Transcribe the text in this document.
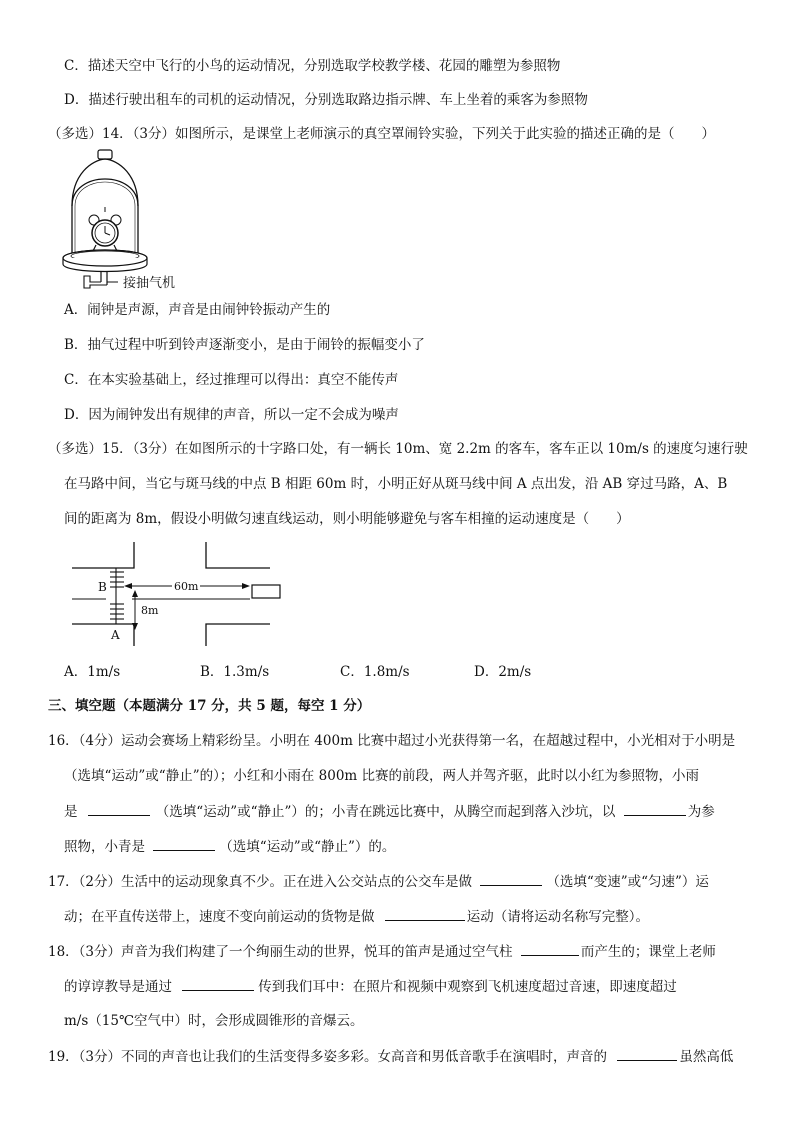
C．描述天空中飞行的小鸟的运动情况，分别选取学校教学楼、花园的雕塑为参照物
D．描述行驶出租车的司机的运动情况，分别选取路边指示牌、车上坐着的乘客为参照物
（多选）14．（3分）如图所示，是课堂上老师演示的真空罩闹铃实验，下列关于此实验的描述正确的是（　　）
接抽气机
A．闹钟是声源，声音是由闹钟铃振动产生的
B．抽气过程中听到铃声逐渐变小，是由于闹铃的振幅变小了
C．在本实验基础上，经过推理可以得出：真空不能传声
D．因为闹钟发出有规律的声音，所以一定不会成为噪声
（多选）15．（3分）在如图所示的十字路口处，有一辆长 10m、宽 2.2m 的客车，客车正以 10m/s 的速度匀速行驶
在马路中间，当它与斑马线的中点 B 相距 60m 时，小明正好从斑马线中间 A 点出发，沿 AB 穿过马路，A、B
间的距离为 8m，假设小明做匀速直线运动，则小明能够避免与客车相撞的运动速度是（　　）
60m
8m
B
A
A．1m/s	B．1.3m/s	C．1.8m/s	D．2m/s
三、填空题（本题满分 17 分，共 5 题，每空 1 分）
16．（4分）运动会赛场上精彩纷呈。小明在 400m 比赛中超过小光获得第一名，在超越过程中，小光相对于小明是
（选填“运动”或“静止”的）；小红和小雨在 800m 比赛的前段，两人并驾齐驱，此时以小红为参照物，小雨
是	（选填“运动”或“静止”）的；小青在跳远比赛中，从腾空而起到落入沙坑，以	为参
照物，小青是	（选填“运动”或“静止”）的。
17．（2分）生活中的运动现象真不少。正在进入公交站点的公交车是做	（选填“变速”或“匀速”）运
动；在平直传送带上，速度不变向前运动的货物是做	运动（请将运动名称写完整）。
18．（3分）声音为我们构建了一个绚丽生动的世界，悦耳的笛声是通过空气柱	而产生的；课堂上老师
的谆谆教导是通过	传到我们耳中：在照片和视频中观察到飞机速度超过音速，即速度超过
m/s（15℃空气中）时，会形成圆锥形的音爆云。
19．（3分）不同的声音也让我们的生活变得多姿多彩。女高音和男低音歌手在演唱时，声音的	虽然高低
